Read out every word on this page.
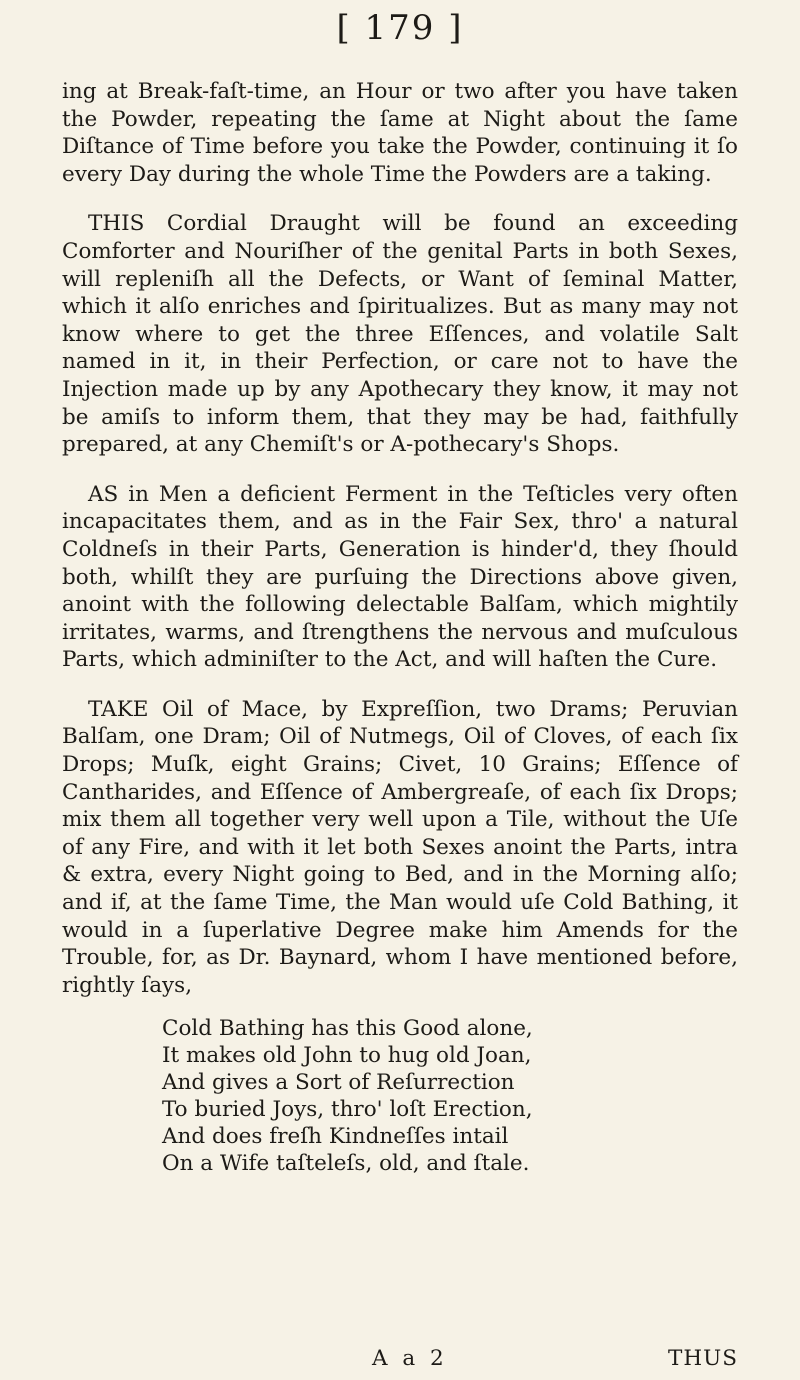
[ 179 ]

ing at Break-faſt-time, an Hour or two after you have taken the Powder, repeating the ſame at Night about the ſame Diſtance of Time before you take the Powder, continuing it ſo every Day during the whole Time the Powders are a taking.

THIS Cordial Draught will be found an exceeding Comforter and Nouriſher of the genital Parts in both Sexes, will repleniſh all the Defects, or Want of ſeminal Matter, which it alſo enriches and ſpiritualizes. But as many may not know where to get the three Eſſences, and volatile Salt named in it, in their Perfection, or care not to have the Injection made up by any Apothecary they know, it may not be amiſs to inform them, that they may be had, faithfully prepared, at any Chemiſt's or A-pothecary's Shops.

AS in Men a deficient Ferment in the Teſticles very often incapacitates them, and as in the Fair Sex, thro' a natural Coldneſs in their Parts, Generation is hinder'd, they ſhould both, whilſt they are purſuing the Directions above given, anoint with the following delectable Balſam, which mightily irritates, warms, and ſtrengthens the nervous and muſculous Parts, which adminiſter to the Act, and will haſten the Cure.

TAKE Oil of Mace, by Expreſſion, two Drams; Peruvian Balſam, one Dram; Oil of Nutmegs, Oil of Cloves, of each ſix Drops; Muſk, eight Grains; Civet, 10 Grains; Eſſence of Cantharides, and Eſſence of Ambergreaſe, of each ſix Drops; mix them all together very well upon a Tile, without the Uſe of any Fire, and with it let both Sexes anoint the Parts, intra & extra, every Night going to Bed, and in the Morning alſo; and if, at the ſame Time, the Man would uſe Cold Bathing, it would in a ſuperlative Degree make him Amends for the Trouble, for, as Dr. Baynard, whom I have mentioned before, rightly ſays,

Cold Bathing has this Good alone,
It makes old John to hug old Joan,
And gives a Sort of Reſurrection
To buried Joys, thro' loſt Erection,
And does freſh Kindneſſes intail
On a Wife taſteleſs, old, and ſtale.
A a 2	THUS
